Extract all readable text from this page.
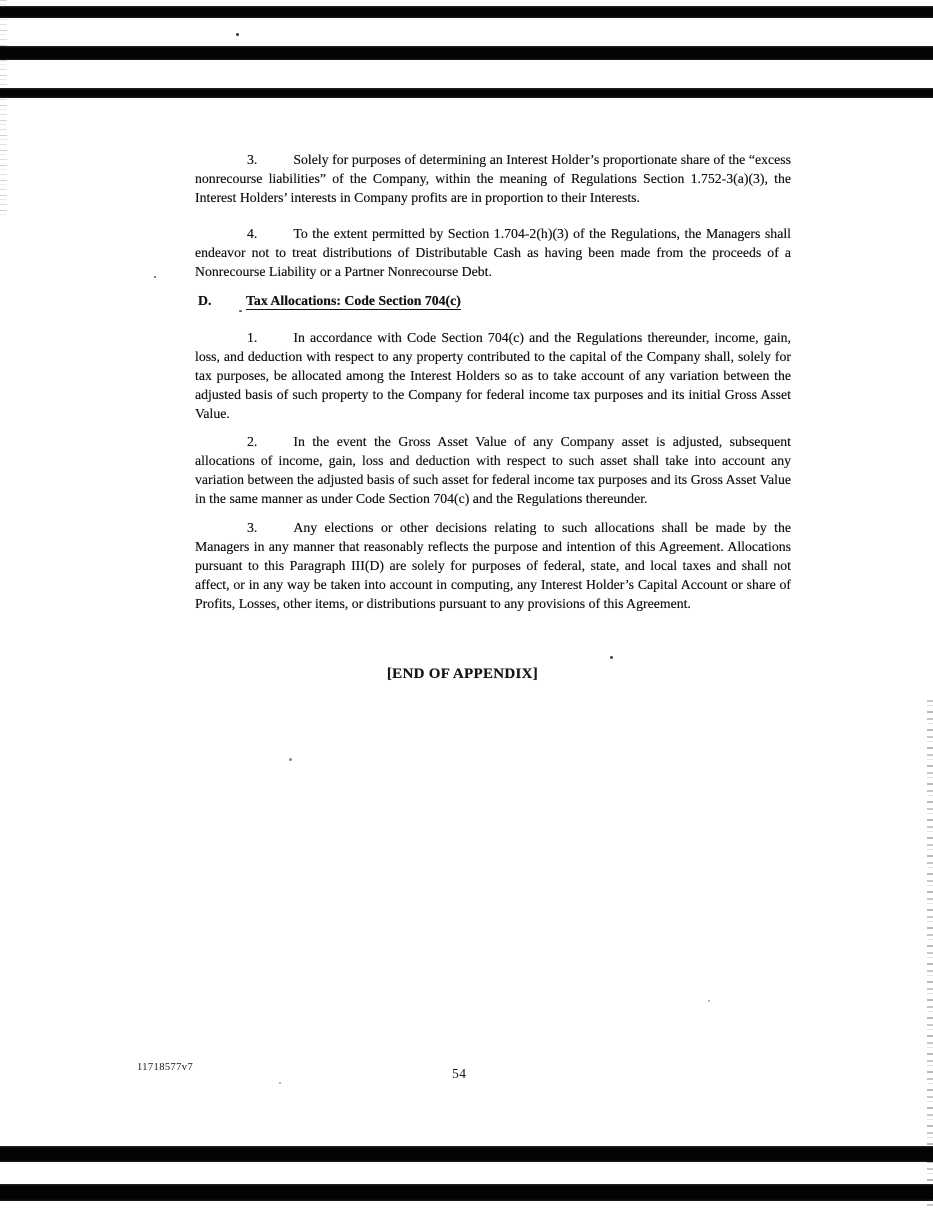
3.	Solely for purposes of determining an Interest Holder’s proportionate share of the “excess nonrecourse liabilities” of the Company, within the meaning of Regulations Section 1.752-3(a)(3), the Interest Holders’ interests in Company profits are in proportion to their Interests.

4.	To the extent permitted by Section 1.704-2(h)(3) of the Regulations, the Managers shall endeavor not to treat distributions of Distributable Cash as having been made from the proceeds of a Nonrecourse Liability or a Partner Nonrecourse Debt.

D.	Tax Allocations: Code Section 704(c)

1.	In accordance with Code Section 704(c) and the Regulations thereunder, income, gain, loss, and deduction with respect to any property contributed to the capital of the Company shall, solely for tax purposes, be allocated among the Interest Holders so as to take account of any variation between the adjusted basis of such property to the Company for federal income tax purposes and its initial Gross Asset Value.

2.	In the event the Gross Asset Value of any Company asset is adjusted, subsequent allocations of income, gain, loss and deduction with respect to such asset shall take into account any variation between the adjusted basis of such asset for federal income tax purposes and its Gross Asset Value in the same manner as under Code Section 704(c) and the Regulations thereunder.

3.	Any elections or other decisions relating to such allocations shall be made by the Managers in any manner that reasonably reflects the purpose and intention of this Agreement. Allocations pursuant to this Paragraph III(D) are solely for purposes of federal, state, and local taxes and shall not affect, or in any way be taken into account in computing, any Interest Holder’s Capital Account or share of Profits, Losses, other items, or distributions pursuant to any provisions of this Agreement.

[END OF APPENDIX]
11718577v7	54
